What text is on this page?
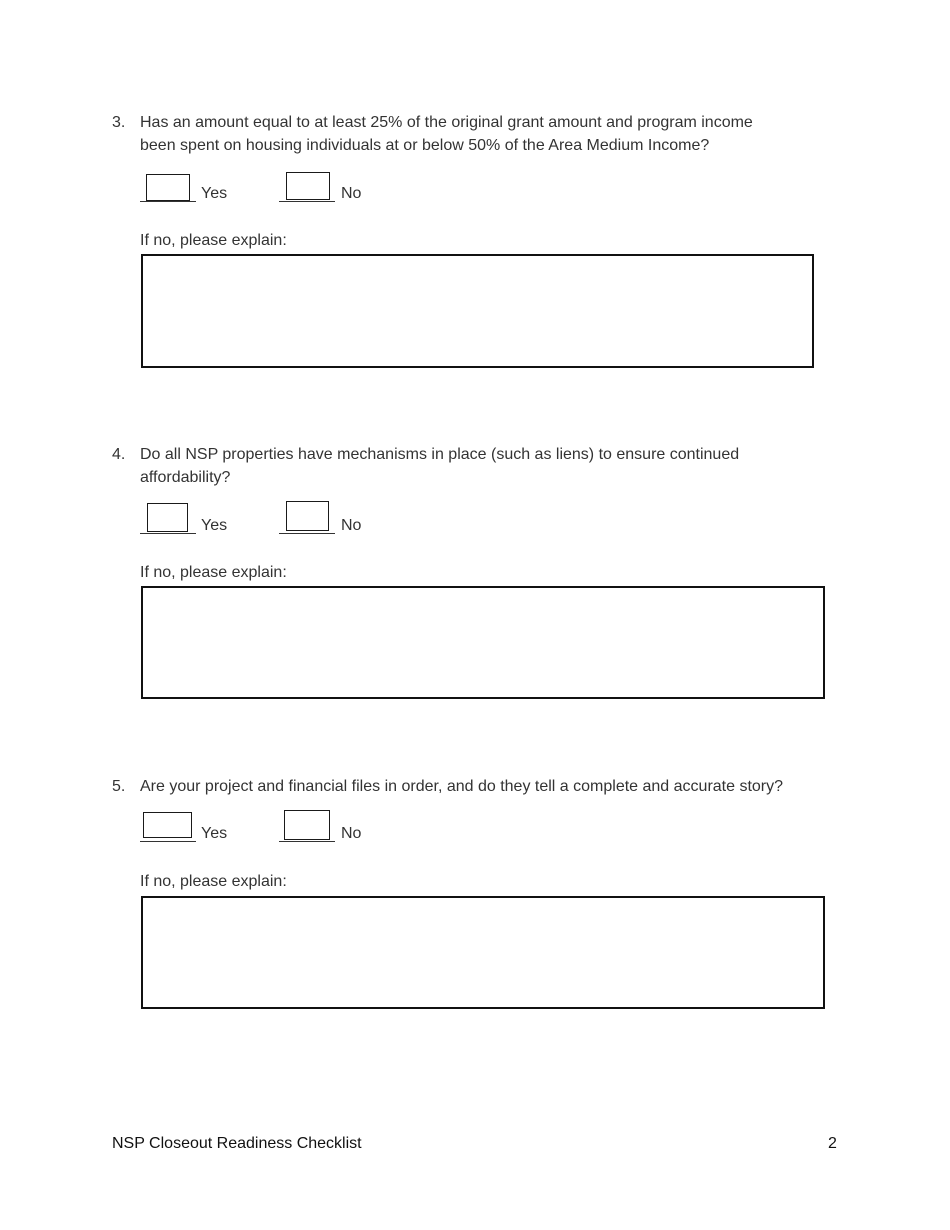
3. Has an amount equal to at least 25% of the original grant amount and program income
been spent on housing individuals at or below 50% of the Area Medium Income?
Yes	No
If no, please explain:
4. Do all NSP properties have mechanisms in place (such as liens) to ensure continued
affordability?
Yes	No
If no, please explain:
5. Are your project and financial files in order, and do they tell a complete and accurate story?
Yes	No
If no, please explain:
NSP Closeout Readiness Checklist	2
